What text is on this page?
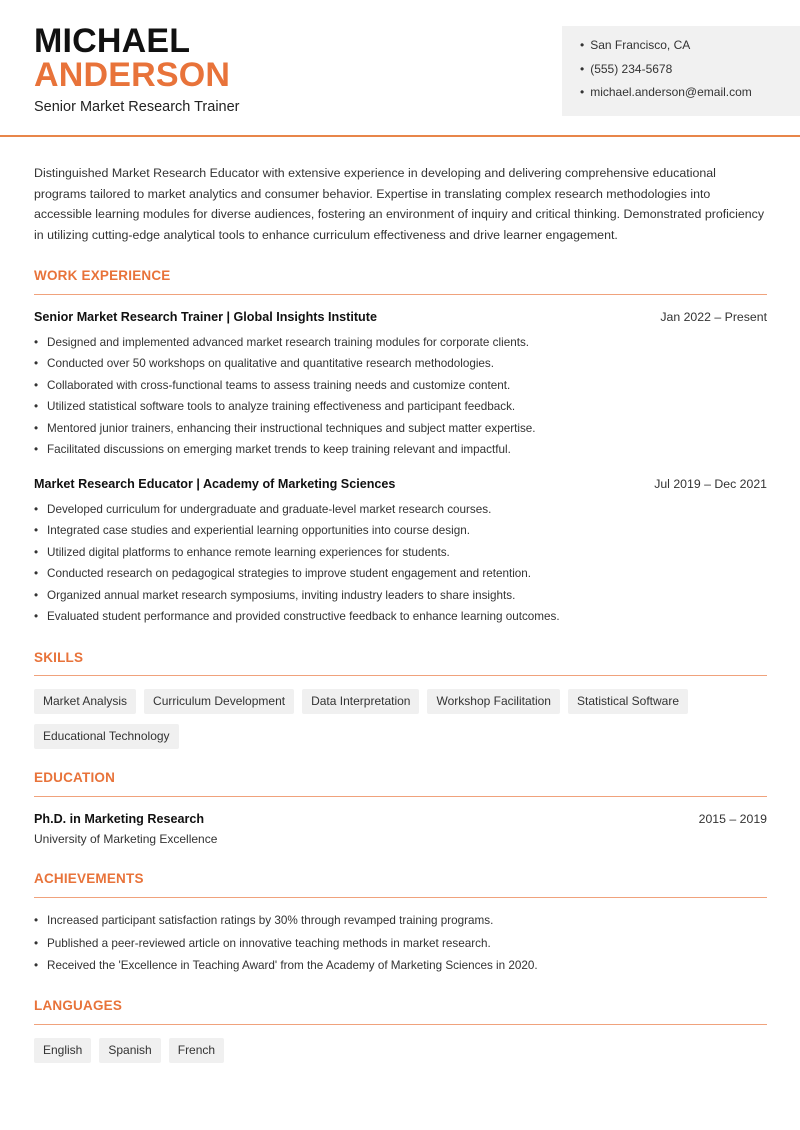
MICHAEL
ANDERSON
Senior Market Research Trainer
• San Francisco, CA
• (555) 234-5678
• michael.anderson@email.com
Distinguished Market Research Educator with extensive experience in developing and delivering comprehensive educational programs tailored to market analytics and consumer behavior. Expertise in translating complex research methodologies into accessible learning modules for diverse audiences, fostering an environment of inquiry and critical thinking. Demonstrated proficiency in utilizing cutting-edge analytical tools to enhance curriculum effectiveness and drive learner engagement.
WORK EXPERIENCE
Senior Market Research Trainer | Global Insights Institute	Jan 2022 – Present
• Designed and implemented advanced market research training modules for corporate clients.
• Conducted over 50 workshops on qualitative and quantitative research methodologies.
• Collaborated with cross-functional teams to assess training needs and customize content.
• Utilized statistical software tools to analyze training effectiveness and participant feedback.
• Mentored junior trainers, enhancing their instructional techniques and subject matter expertise.
• Facilitated discussions on emerging market trends to keep training relevant and impactful.
Market Research Educator | Academy of Marketing Sciences	Jul 2019 – Dec 2021
• Developed curriculum for undergraduate and graduate-level market research courses.
• Integrated case studies and experiential learning opportunities into course design.
• Utilized digital platforms to enhance remote learning experiences for students.
• Conducted research on pedagogical strategies to improve student engagement and retention.
• Organized annual market research symposiums, inviting industry leaders to share insights.
• Evaluated student performance and provided constructive feedback to enhance learning outcomes.
SKILLS
Market Analysis	Curriculum Development	Data Interpretation	Workshop Facilitation	Statistical Software
Educational Technology
EDUCATION
Ph.D. in Marketing Research	2015 – 2019
University of Marketing Excellence
ACHIEVEMENTS
• Increased participant satisfaction ratings by 30% through revamped training programs.
• Published a peer-reviewed article on innovative teaching methods in market research.
• Received the 'Excellence in Teaching Award' from the Academy of Marketing Sciences in 2020.
LANGUAGES
English	Spanish	French
